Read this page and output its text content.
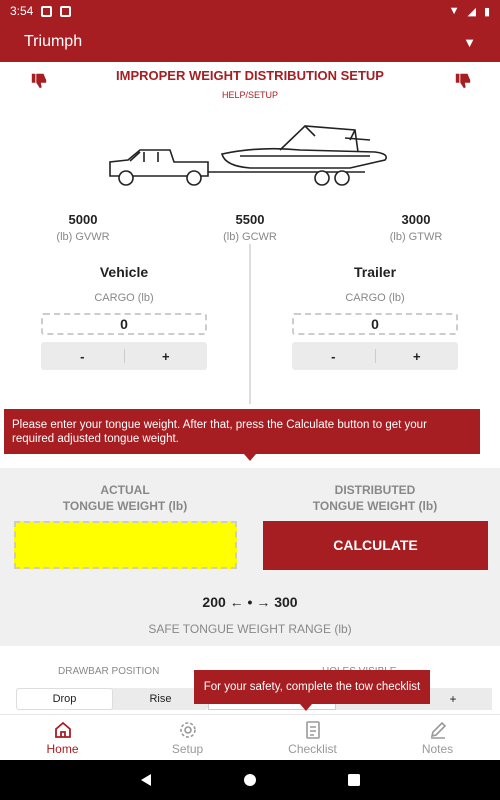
3:54	▼ ◢ ▮
Triumph	▼
IMPROPER WEIGHT DISTRIBUTION SETUP
HELP/SETUP
5000
(lb) GVWR
5500
(lb) GCWR
3000
(lb) GTWR
Vehicle
CARGO (lb)
0
-	+
Trailer
CARGO (lb)
0
-	+
Please enter your tongue weight. After that, press the Calculate button to get your required adjusted tongue weight.
ACTUAL
TONGUE WEIGHT (lb)
DISTRIBUTED
TONGUE WEIGHT (lb)
CALCULATE
200 ← • → 300
SAFE TONGUE WEIGHT RANGE (lb)
DRAWBAR POSITION
Drop	Rise	+
For your safety, complete the tow checklist
Home	Setup	Checklist	Notes
